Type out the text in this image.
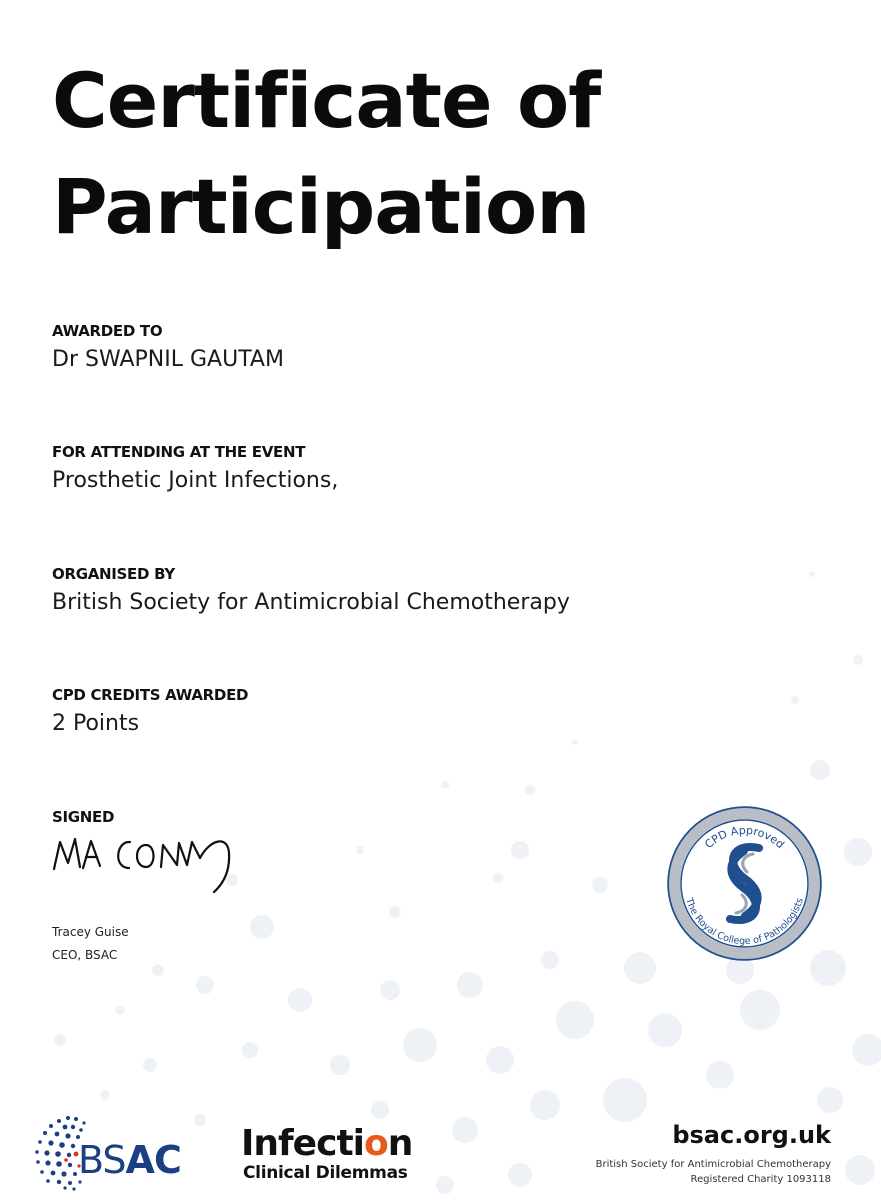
Certificate of
Participation
AWARDED TO
Dr SWAPNIL GAUTAM
FOR ATTENDING AT THE EVENT
Prosthetic Joint Infections,
ORGANISED BY
British Society for Antimicrobial Chemotherapy
CPD CREDITS AWARDED
2 Points
SIGNED
Tracey Guise
CEO, BSAC
CPD Approved
The Royal College of Pathologists
BSAC Infection
Clinical Dilemmas
bsac.org.uk
British Society for Antimicrobial Chemotherapy
Registered Charity 1093118
